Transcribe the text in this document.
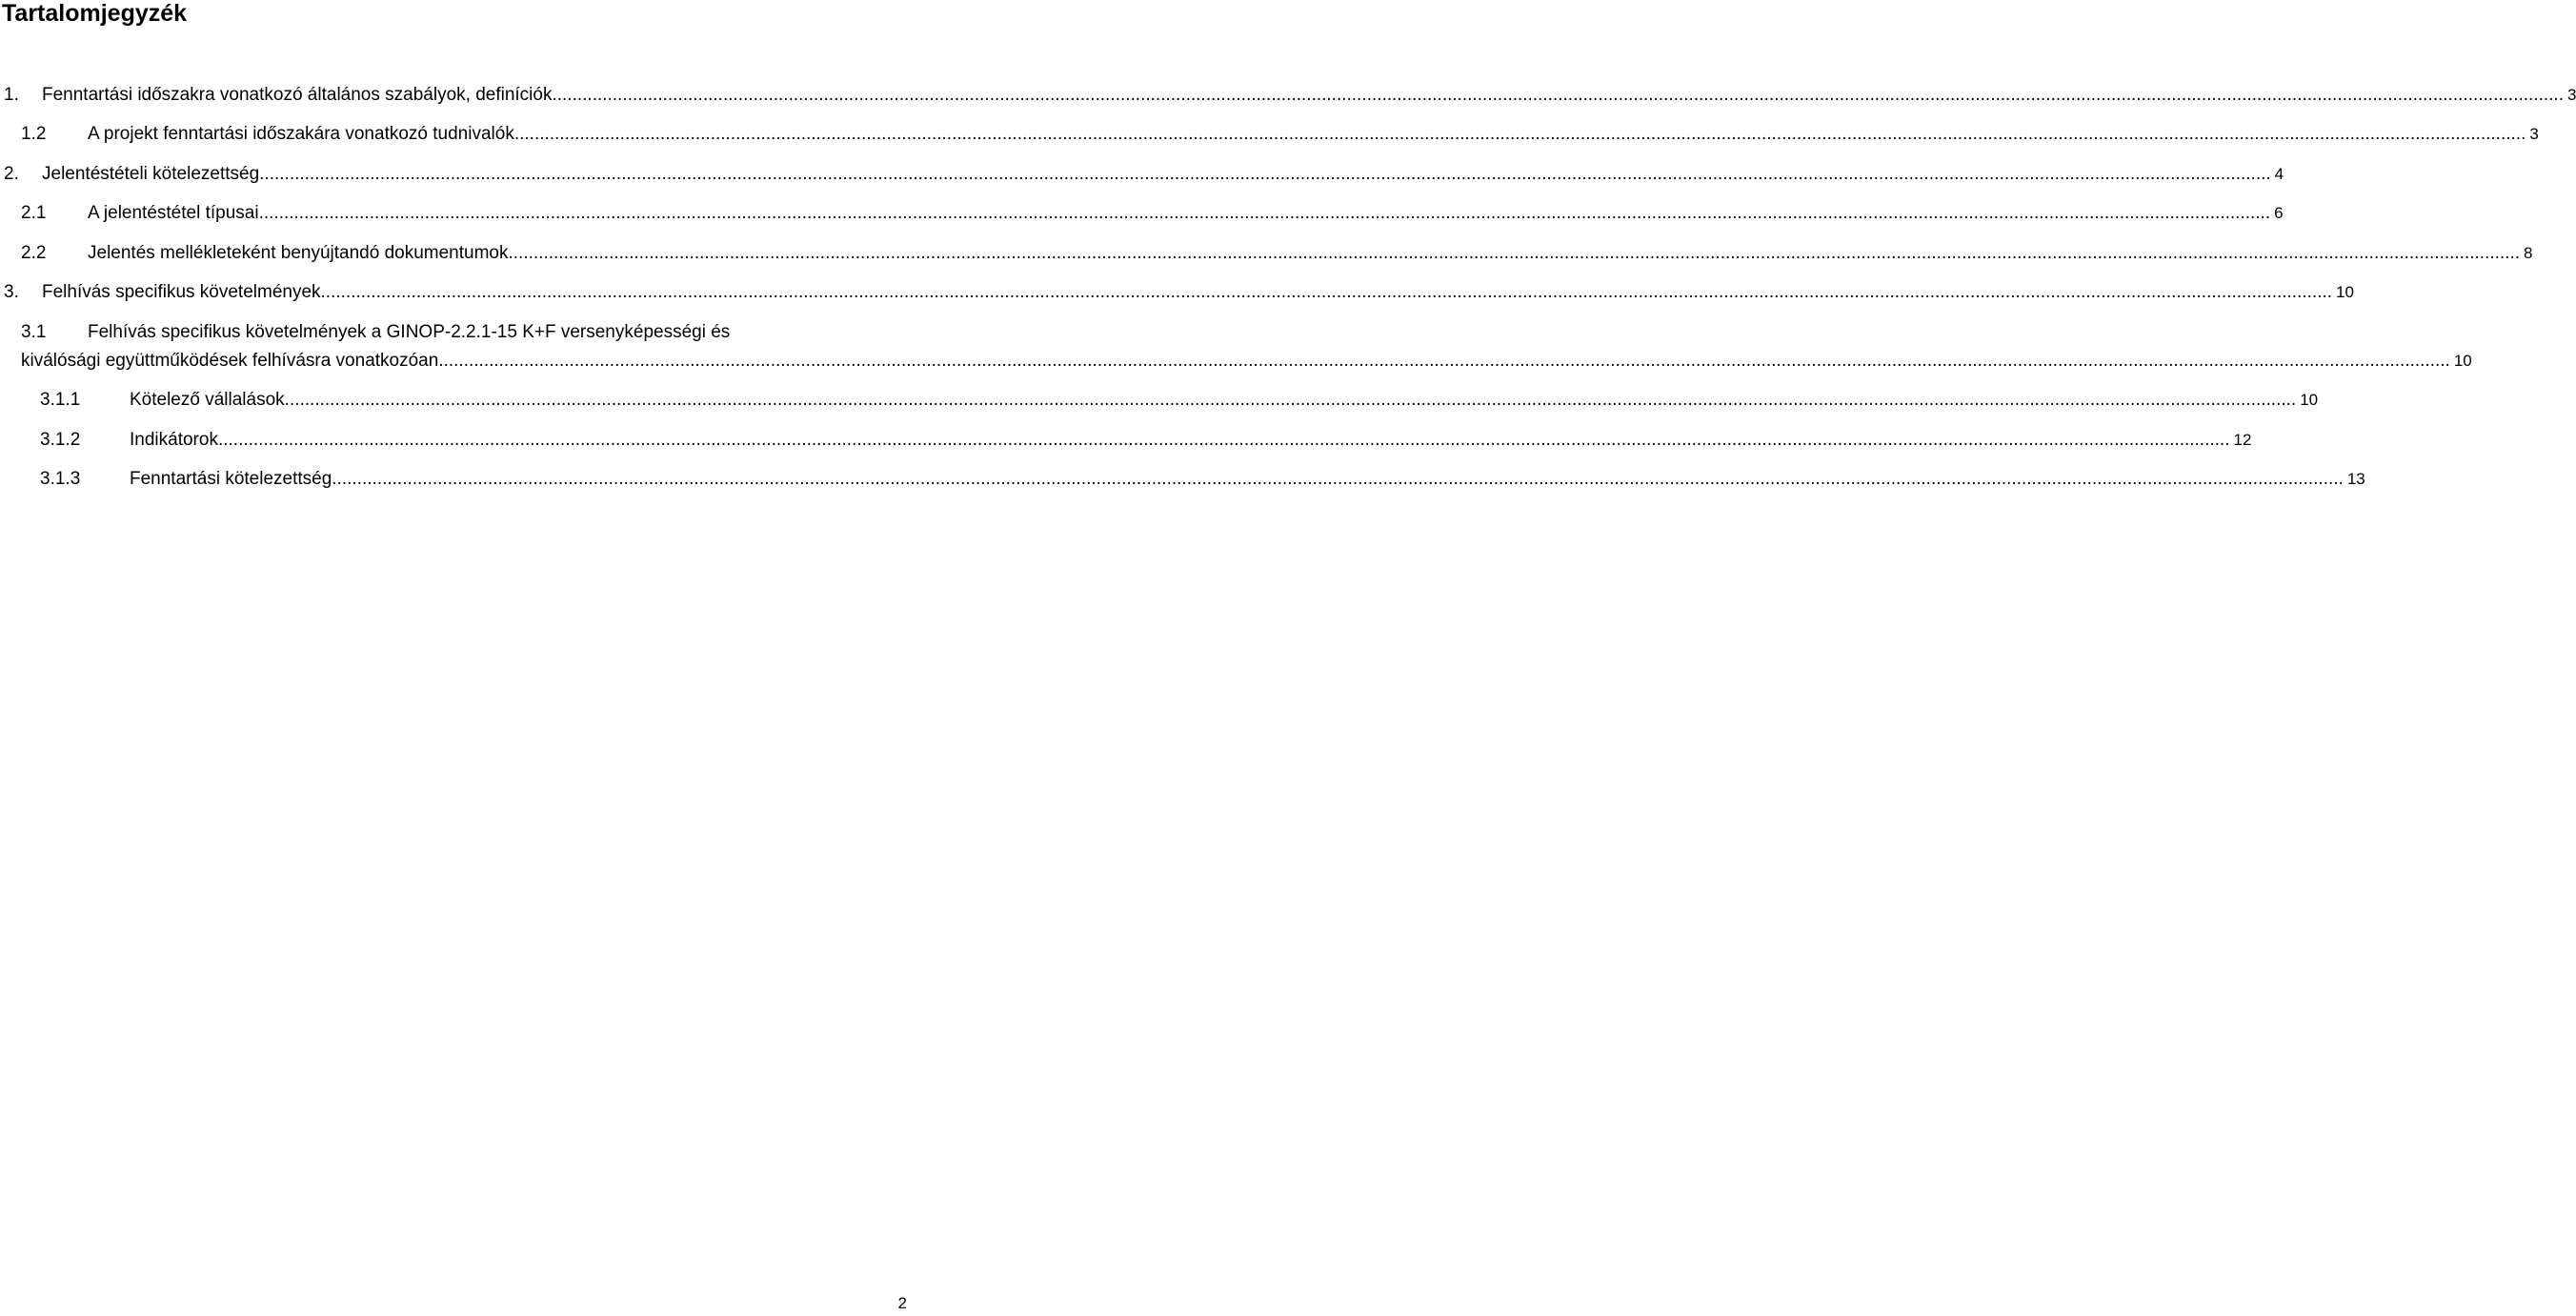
Tartalomjegyzék
1. Fenntartási időszakra vonatkozó általános szabályok, definíciók ................................................................................................................................................................................................................................................................................................................................................................................................................ 3
1.2 A projekt fenntartási időszakára vonatkozó tudnivalók ................................................................................................................................................................................................................................................................................................................................................................................................................ 3
2. Jelentéstételi kötelezettség ................................................................................................................................................................................................................................................................................................................................................................................................................ 4
2.1 A jelentéstétel típusai ................................................................................................................................................................................................................................................................................................................................................................................................................ 6
2.2 Jelentés mellékleteként benyújtandó dokumentumok ................................................................................................................................................................................................................................................................................................................................................................................................................ 8
3. Felhívás specifikus követelmények ................................................................................................................................................................................................................................................................................................................................................................................................................ 10
3.1 Felhívás specifikus követelmények a GINOP-2.2.1-15 K+F versenyképességi és
kiválósági együttműködések felhívásra vonatkozóan ................................................................................................................................................................................................................................................................................................................................................................................................................ 10
3.1.1	Kötelező vállalások ................................................................................................................................................................................................................................................................................................................................................................................................................ 10
3.1.2	Indikátorok ................................................................................................................................................................................................................................................................................................................................................................................................................ 12
3.1.3	Fenntartási kötelezettség ................................................................................................................................................................................................................................................................................................................................................................................................................ 13
2
